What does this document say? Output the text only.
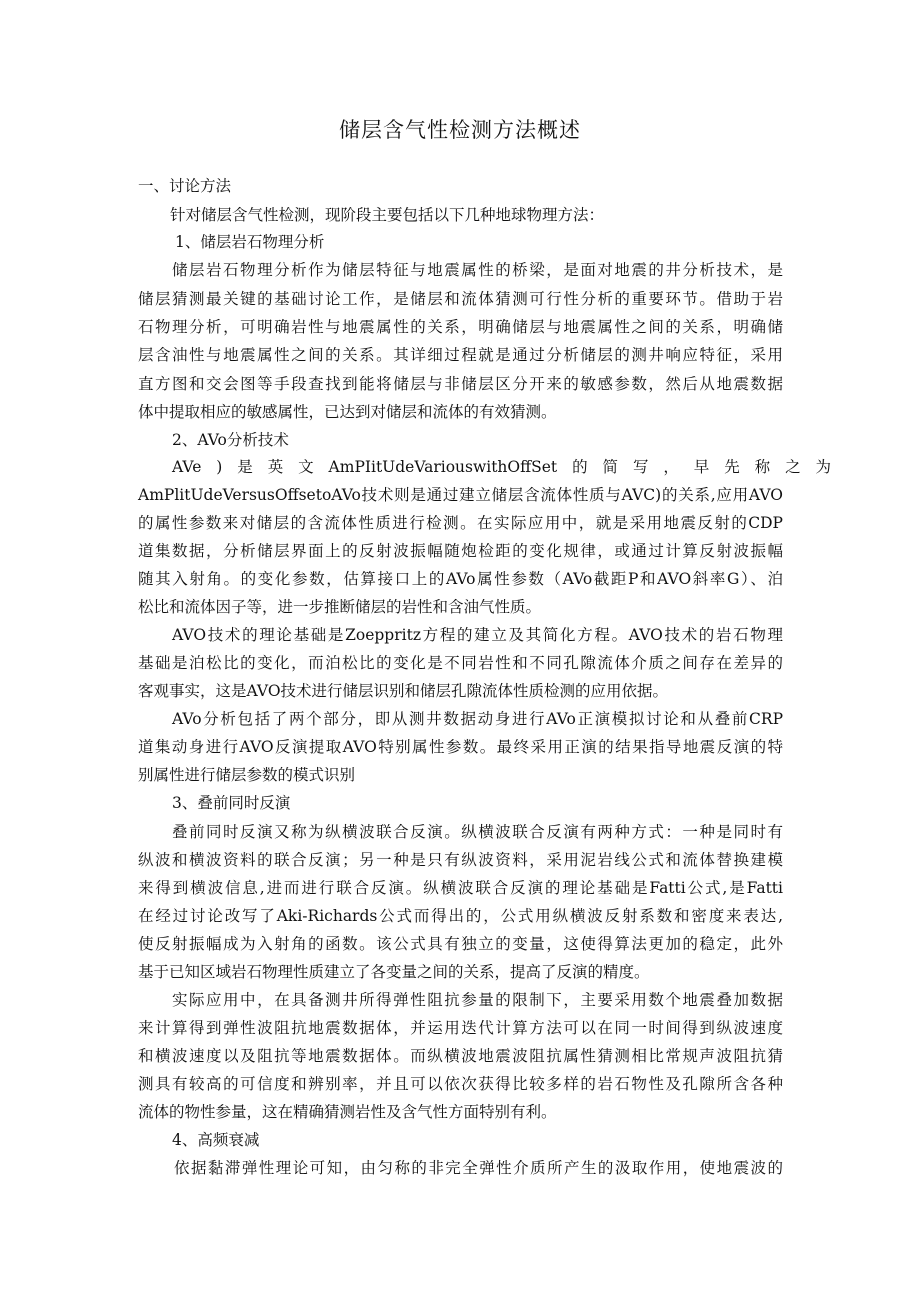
储层含气性检测方法概述
一、讨论方法
针对储层含气性检测，现阶段主要包括以下几种地球物理方法：
1、储层岩石物理分析
储层岩石物理分析作为储层特征与地震属性的桥梁，是面对地震的井分析技术，是
储层猜测最关键的基础讨论工作，是储层和流体猜测可行性分析的重要环节。借助于岩
石物理分析，可明确岩性与地震属性的关系，明确储层与地震属性之间的关系，明确储
层含油性与地震属性之间的关系。其详细过程就是通过分析储层的测井响应特征，采用
直方图和交会图等手段查找到能将储层与非储层区分开来的敏感参数，然后从地震数据
体中提取相应的敏感属性，已达到对储层和流体的有效猜测。
2、AVo分析技术
AVe ) 是 英 文 AmPIitUdeVariouswithOffSet 的 简 写 ， 早 先 称 之 为
AmPlitUdeVersusOffsetoAVo技术则是通过建立储层含流体性质与AVC)的关系,应用AVO
的属性参数来对储层的含流体性质进行检测。在实际应用中，就是采用地震反射的CDP
道集数据，分析储层界面上的反射波振幅随炮检距的变化规律，或通过计算反射波振幅
随其入射角。的变化参数，估算接口上的AVo属性参数（AVo截距P和AVO斜率G）、泊
松比和流体因子等，进一步推断储层的岩性和含油气性质。
AVO技术的理论基础是Zoeppritz方程的建立及其简化方程。AVO技术的岩石物理
基础是泊松比的变化，而泊松比的变化是不同岩性和不同孔隙流体介质之间存在差异的
客观事实，这是AVO技术进行储层识别和储层孔隙流体性质检测的应用依据。
AVo分析包括了两个部分，即从测井数据动身进行AVo正演模拟讨论和从叠前CRP
道集动身进行AVO反演提取AVO特别属性参数。最终采用正演的结果指导地震反演的特
别属性进行储层参数的模式识别
3、叠前同时反演
叠前同时反演又称为纵横波联合反演。纵横波联合反演有两种方式：一种是同时有
纵波和横波资料的联合反演；另一种是只有纵波资料，采用泥岩线公式和流体替换建模
来得到横波信息,进而进行联合反演。纵横波联合反演的理论基础是Fatti公式,是Fatti
在经过讨论改写了Aki-Richards公式而得出的，公式用纵横波反射系数和密度来表达,
使反射振幅成为入射角的函数。该公式具有独立的变量，这使得算法更加的稳定，此外
基于已知区域岩石物理性质建立了各变量之间的关系，提高了反演的精度。
实际应用中，在具备测井所得弹性阻抗参量的限制下，主要采用数个地震叠加数据
来计算得到弹性波阻抗地震数据体，并运用迭代计算方法可以在同一时间得到纵波速度
和横波速度以及阻抗等地震数据体。而纵横波地震波阻抗属性猜测相比常规声波阻抗猜
测具有较高的可信度和辨别率，并且可以依次获得比较多样的岩石物性及孔隙所含各种
流体的物性参量，这在精确猜测岩性及含气性方面特别有利。
4、高频衰减
依据黏滞弹性理论可知，由匀称的非完全弹性介质所产生的汲取作用，使地震波的
